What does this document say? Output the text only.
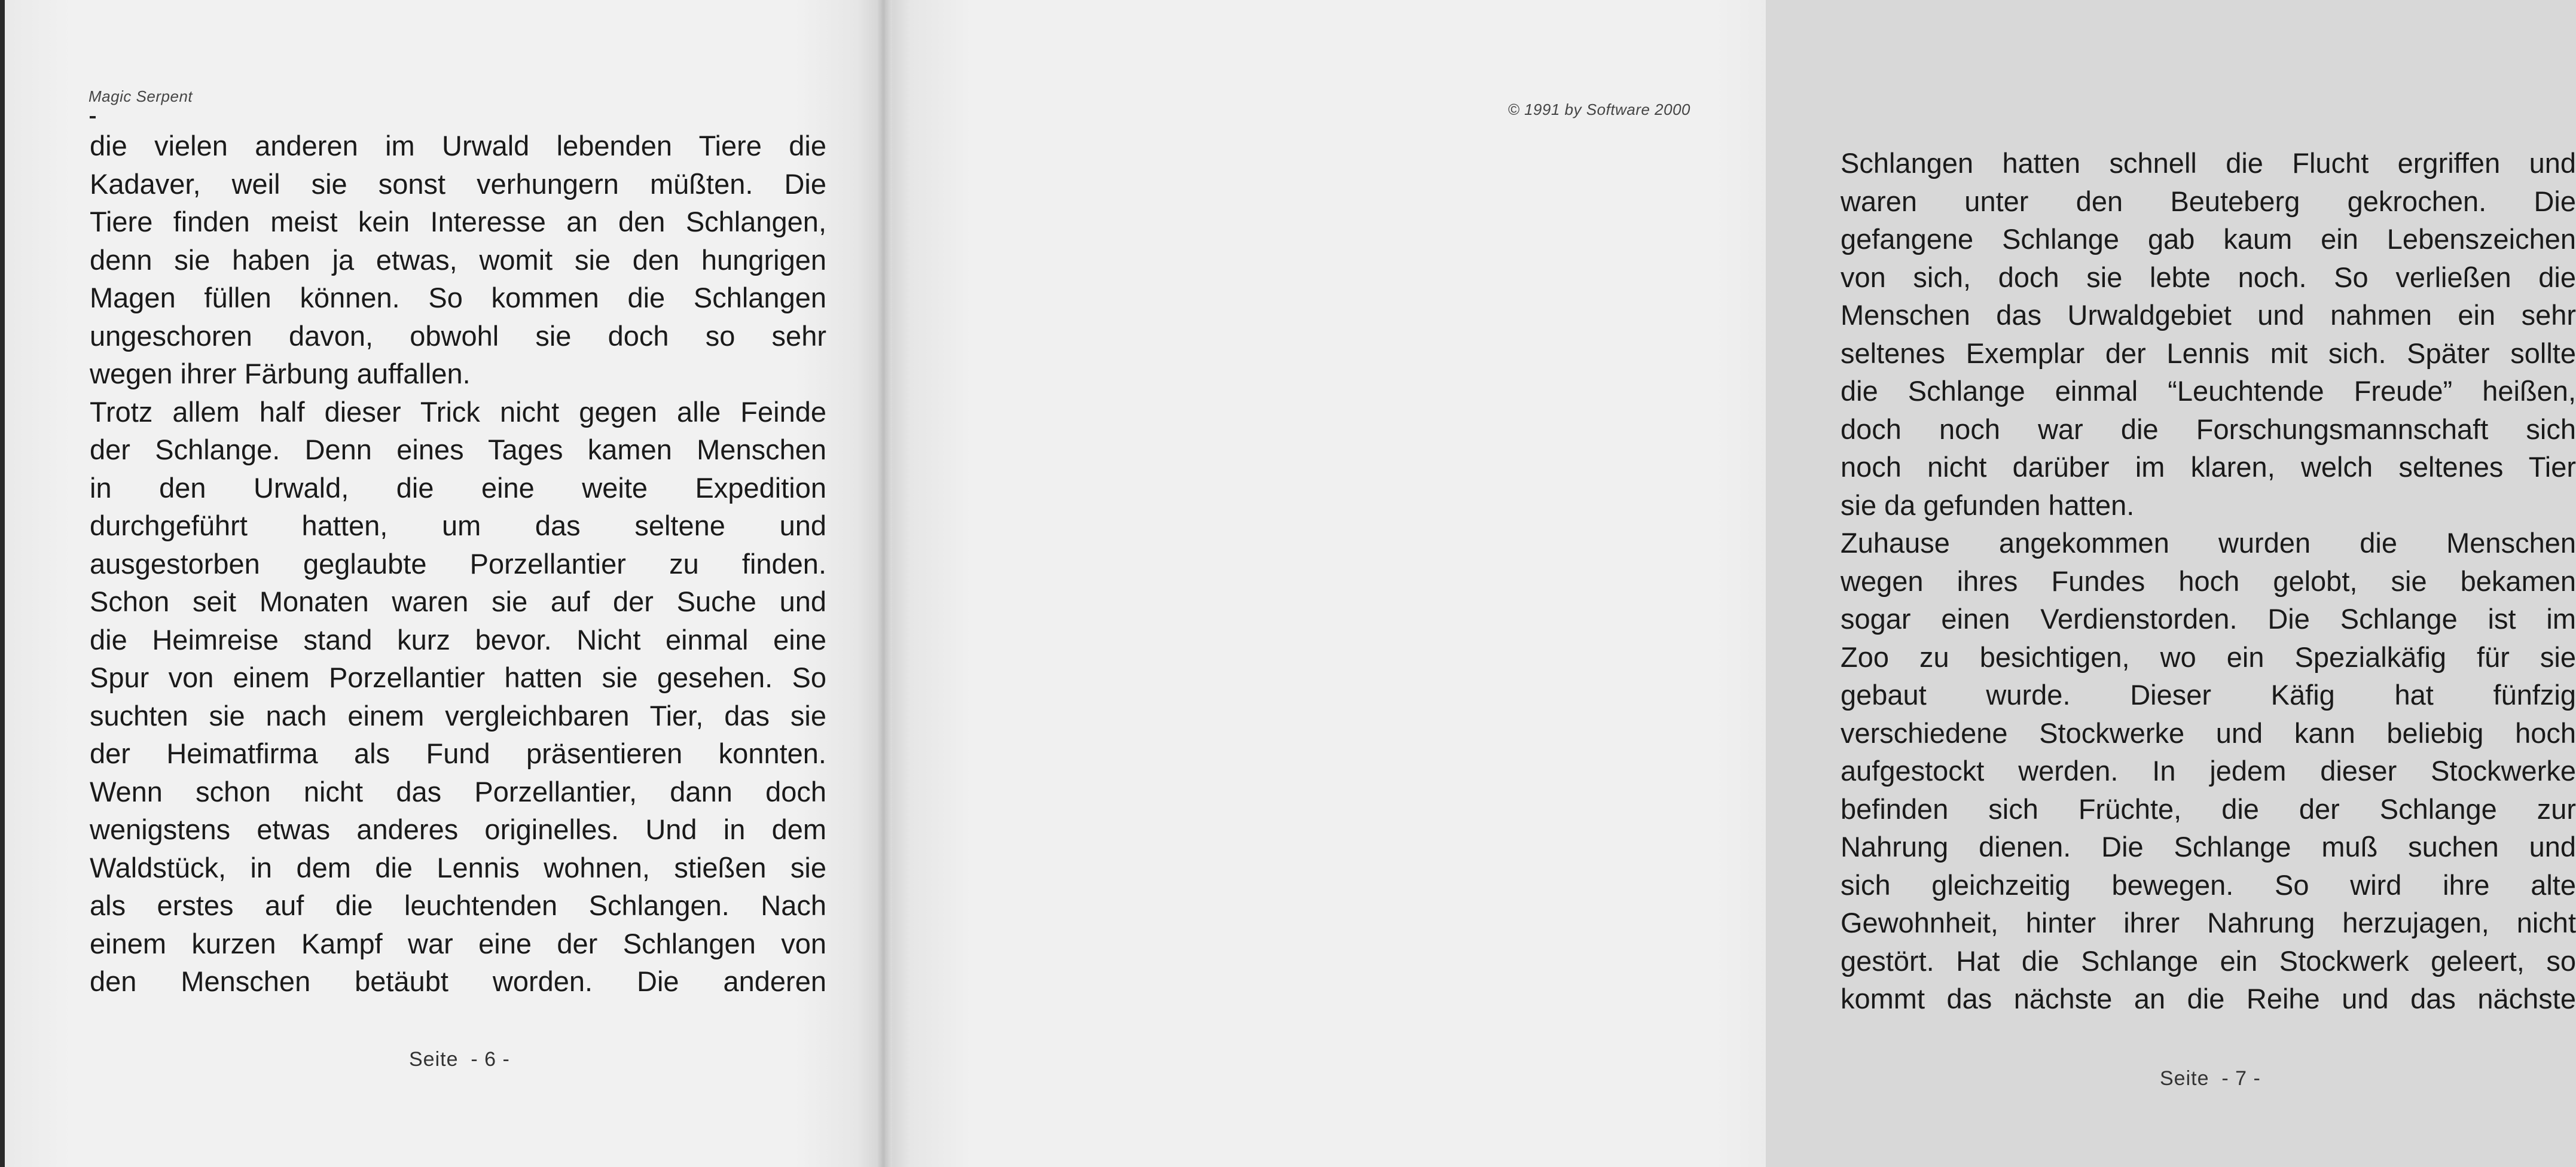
Magic Serpent
die vielen anderen im Urwald lebenden Tiere die
Kadaver, weil sie sonst verhungern müßten. Die
Tiere finden meist kein Interesse an den Schlangen,
denn sie haben ja etwas, womit sie den hungrigen
Magen füllen können. So kommen die Schlangen
ungeschoren davon, obwohl sie doch so sehr
wegen ihrer Färbung auffallen.
Trotz allem half dieser Trick nicht gegen alle Feinde
der Schlange. Denn eines Tages kamen Menschen
in den Urwald, die eine weite Expedition
durchgeführt hatten, um das seltene und
ausgestorben geglaubte Porzellantier zu finden.
Schon seit Monaten waren sie auf der Suche und
die Heimreise stand kurz bevor. Nicht einmal eine
Spur von einem Porzellantier hatten sie gesehen. So
suchten sie nach einem vergleichbaren Tier, das sie
der Heimatfirma als Fund präsentieren konnten.
Wenn schon nicht das Porzellantier, dann doch
wenigstens etwas anderes originelles. Und in dem
Waldstück, in dem die Lennis wohnen, stießen sie
als erstes auf die leuchtenden Schlangen. Nach
einem kurzen Kampf war eine der Schlangen von
den Menschen betäubt worden. Die anderen
Seite  - 6 -
© 1991 by Software 2000
Schlangen hatten schnell die Flucht ergriffen und
waren unter den Beuteberg gekrochen. Die
gefangene Schlange gab kaum ein Lebenszeichen
von sich, doch sie lebte noch. So verließen die
Menschen das Urwaldgebiet und nahmen ein sehr
seltenes Exemplar der Lennis mit sich. Später sollte
die Schlange einmal “Leuchtende Freude” heißen,
doch noch war die Forschungsmannschaft sich
noch nicht darüber im klaren, welch seltenes Tier
sie da gefunden hatten.
Zuhause angekommen wurden die Menschen
wegen ihres Fundes hoch gelobt, sie bekamen
sogar einen Verdienstorden. Die Schlange ist im
Zoo zu besichtigen, wo ein Spezialkäfig für sie
gebaut wurde. Dieser Käfig hat fünfzig
verschiedene Stockwerke und kann beliebig hoch
aufgestockt werden. In jedem dieser Stockwerke
befinden sich Früchte, die der Schlange zur
Nahrung dienen. Die Schlange muß suchen und
sich gleichzeitig bewegen. So wird ihre alte
Gewohnheit, hinter ihrer Nahrung herzujagen, nicht
gestört. Hat die Schlange ein Stockwerk geleert, so
kommt das nächste an die Reihe und das nächste
Seite  - 7 -
